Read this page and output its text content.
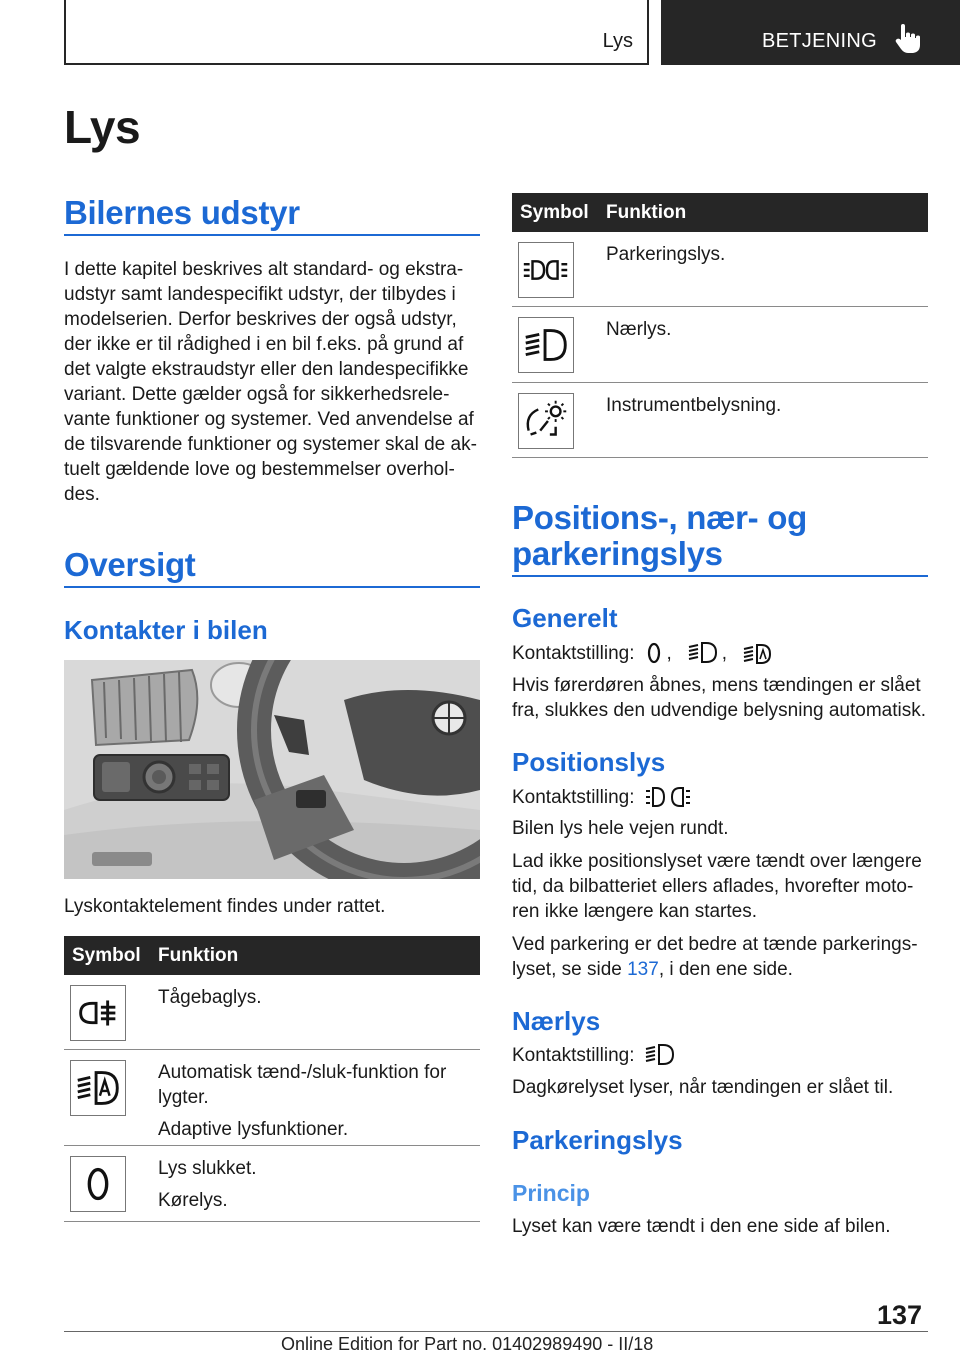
Lys	BETJENING
Lys
Bilernes udstyr
I dette kapitel beskrives alt standard- og ekstra-
udstyr samt landespecifikt udstyr, der tilbydes i
modelserien. Derfor beskrives der også udstyr,
der ikke er til rådighed i en bil f.eks. på grund af
det valgte ekstraudstyr eller den landespecifikke
variant. Dette gælder også for sikkerhedsrele-
vante funktioner og systemer. Ved anvendelse af
de tilsvarende funktioner og systemer skal de ak-
tuelt gældende love og bestemmelser overhol-
des.
Oversigt
Kontakter i bilen
Lyskontaktelement findes under rattet.
Symbol Funktion
Tågebaglys.
Automatisk tænd-/sluk-funktion for lygter.
Adaptive lysfunktioner.
Lys slukket.
Kørelys.
Symbol Funktion
Parkeringslys.
Nærlys.
Instrumentbelysning.
Positions-, nær- og
parkeringslys
Generelt
Kontaktstilling: ,	,
Hvis førerdøren åbnes, mens tændingen er slået
fra, slukkes den udvendige belysning automatisk.
Positionslys
Kontaktstilling:
Bilen lys hele vejen rundt.
Lad ikke positionslyset være tændt over længere
tid, da bilbatteriet ellers aflades, hvorefter moto-
ren ikke længere kan startes.
Ved parkering er det bedre at tænde parkerings-
lyset, se side 137, i den ene side.
Nærlys
Kontaktstilling:
Dagkørelyset lyser, når tændingen er slået til.
Parkeringslys
Princip
Lyset kan være tændt i den ene side af bilen.
137
Online Edition for Part no. 01402989490 - II/18
